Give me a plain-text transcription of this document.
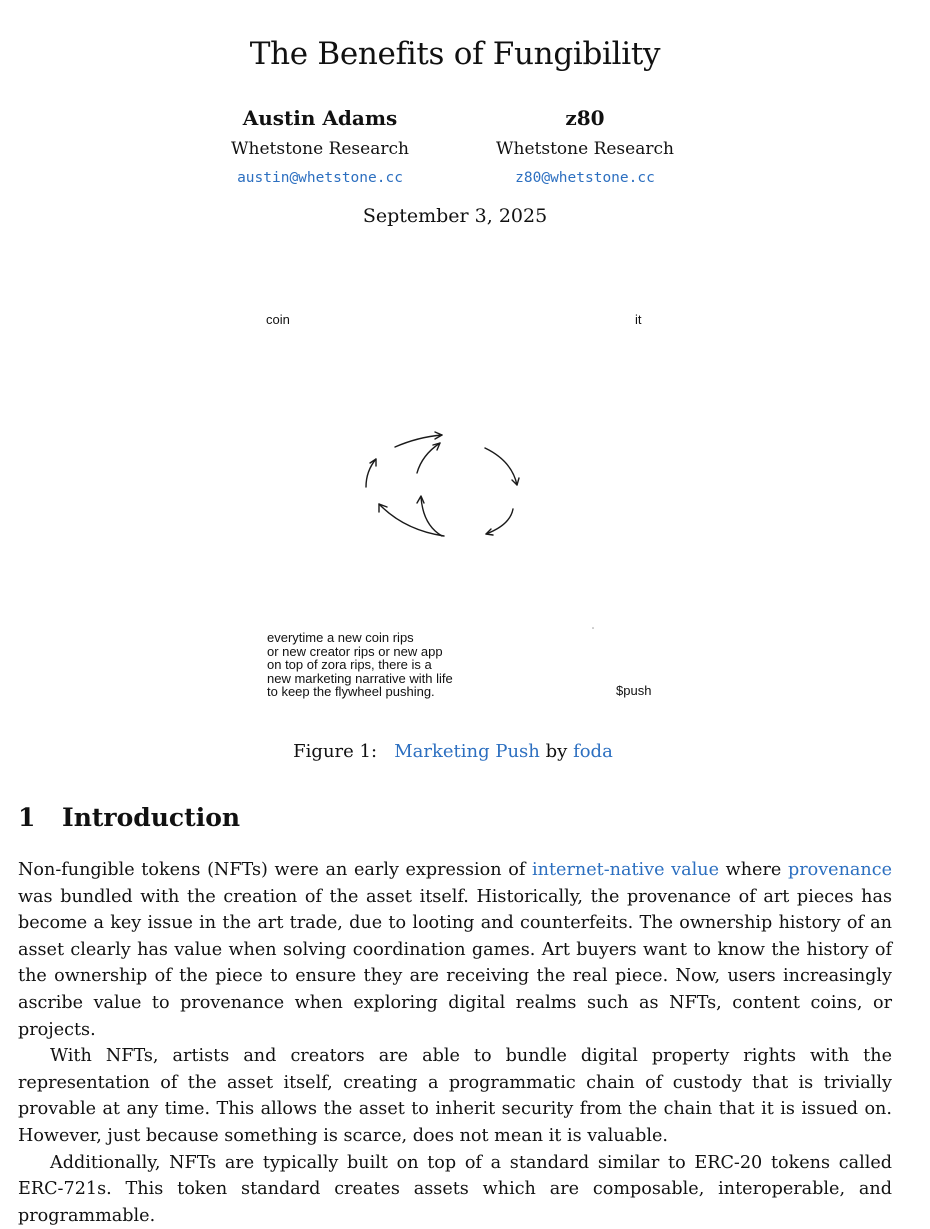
The Benefits of Fungibility
Austin Adams
Whetstone Research
austin@whetstone.cc
z80
Whetstone Research
z80@whetstone.cc
September 3, 2025
coin	it
$push
everytime a new coin rips
or new creator rips or new app
on top of zora rips, there is a
new marketing narrative with life
to keep the flywheel pushing.
Figure 1: Marketing Push by foda
1 Introduction

Non-fungible tokens (NFTs) were an early expression of internet-native value where provenance was bundled with the creation of the asset itself. Historically, the provenance of art pieces has become a key issue in the art trade, due to looting and counterfeits. The ownership history of an asset clearly has value when solving coordination games. Art buyers want to know the history of the ownership of the piece to ensure they are receiving the real piece. Now, users increasingly ascribe value to provenance when exploring digital realms such as NFTs, content coins, or projects.

With NFTs, artists and creators are able to bundle digital property rights with the representation of the asset itself, creating a programmatic chain of custody that is trivially provable at any time. This allows the asset to inherit security from the chain that it is issued on. However, just because something is scarce, does not mean it is valuable.

Additionally, NFTs are typically built on top of a standard similar to ERC-20 tokens called ERC-721s. This token standard creates assets which are composable, interoperable, and programmable.
